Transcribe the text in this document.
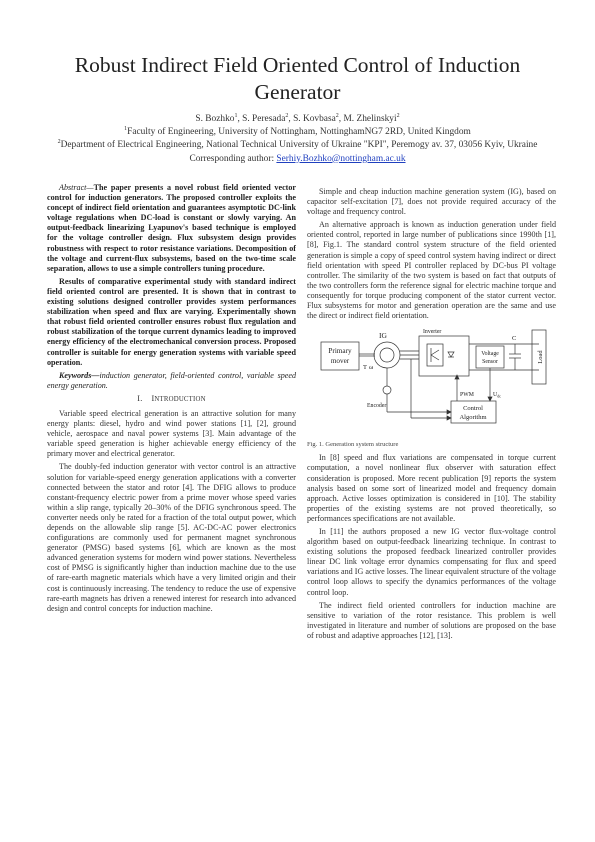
Robust Indirect Field Oriented Control of Induction
Generator
S. Bozhko$^1$, S. Peresada$^2$, S. Kovbasa$^2$, M. Zhelinskyi$^2$
$^1$Faculty of Engineering, University of Nottingham, NottinghamNG7 2RD, United Kingdom
$^2$Department of Electrical Engineering, National Technical University of Ukraine "KPI", Peremogy av. 37, 03056 Kyiv, Ukraine
Corresponding author: Serhiy.Bozhko@nottingham.ac.uk

Abstract—The paper presents a novel robust field oriented vector control for induction generators. The proposed controller exploits the concept of indirect field orientation and guarantees asymptotic DC-link voltage regulations when DC-load is constant or slowly varying. An output-feedback linearizing Lyapunov's based technique is employed for the voltage controller design. Flux subsystem design provides robustness with respect to rotor resistance variations. Decomposition of the voltage and current-flux subsystems, based on the two-time scale separation, allows to use a simple controllers tuning procedure.

Results of comparative experimental study with standard indirect field oriented control are presented. It is shown that in contrast to existing solutions designed controller provides system performances stabilization when speed and flux are varying. Experimentally shown that robust field oriented controller ensures robust flux regulation and robust stabilization of the torque current dynamics leading to improved energy efficiency of the electromechanical conversion process. Proposed controller is suitable for energy generation systems with variable speed operation.

Keywords—induction generator, field-oriented control, variable speed energy generation.

I. INTRODUCTION

Variable speed electrical generation is an attractive solution for many energy plants: diesel, hydro and wind power stations [1], [2], ground vehicle, aerospace and naval power systems [3]. Main advantage of the variable speed generation is higher achievable energy efficiency of the primary mover and electrical generator.

The doubly-fed induction generator with vector control is an attractive solution for variable-speed energy generation applications with a converter connected between the stator and rotor [4]. The DFIG allows to produce constant-frequency electric power from a prime mover whose speed varies within a slip range, typically 20–30% of the DFIG synchronous speed. The converter needs only be rated for a fraction of the total output power, which depends on the allowable slip range [5]. AC-DC-AC power electronics configurations are commonly used for permanent magnet synchronous generator (PMSG) based systems [6], which are known as the most advanced generation systems for modern wind power stations. Nevertheless cost of PMSG is significantly higher than induction machine due to the use of rare-earth magnetic materials which have a very limited origin and their cost is continuously increasing. The tendency to reduce the use of expensive rare-earth magnets has driven a renewed interest for research into advanced design and control concepts for induction machine.

Simple and cheap induction machine generation system (IG), based on capacitor self-excitation [7], does not provide required accuracy of the voltage and frequency control.

An alternative approach is known as induction generation under field oriented control, reported in large number of publications since 1990th [1], [8], Fig.1. The standard control system structure of the field oriented generation is simple a copy of speed control system having indirect or direct field orientation with speed PI controller replaced by DC-bus PI voltage controller. The similarity of the two system is based on fact that outputs of the two controllers form the reference signal for electric machine torque and consequently for torque producing component of the stator current vector. Flux subsystems for motor and generation operation are the same and use the direct or indirect field orientation.

Primary
mover
T ω
IG	Inverter
Voltage
Sensor
C
Load
Encoder	Control
Algorithm
PWM	$U_{dc}$

Fig. 1. Generation system structure

In [8] speed and flux variations are compensated in torque current computation, a novel nonlinear flux observer with saturation effect consideration is proposed. More recent publication [9] reports the system analysis based on some sort of linearized model and frequency domain approach. Active losses optimization is considered in [10]. The stability properties of the existing systems are not proved theoretically, so performances specifications are not available.

In [11] the authors proposed a new IG vector flux-voltage control algorithm based on output-feedback linearizing technique. In contrast to existing solutions the proposed feedback linearized controller provides linear DC link voltage error dynamics compensating for flux and speed variations and IG active losses. The linear equivalent structure of the voltage control loop allows to specify the dynamics performances of the voltage control loop.

The indirect field oriented controllers for induction machine are sensitive to variation of the rotor resistance. This problem is well investigated in literature and number of solutions are proposed on the base of robust and adaptive approaches [12], [13].
